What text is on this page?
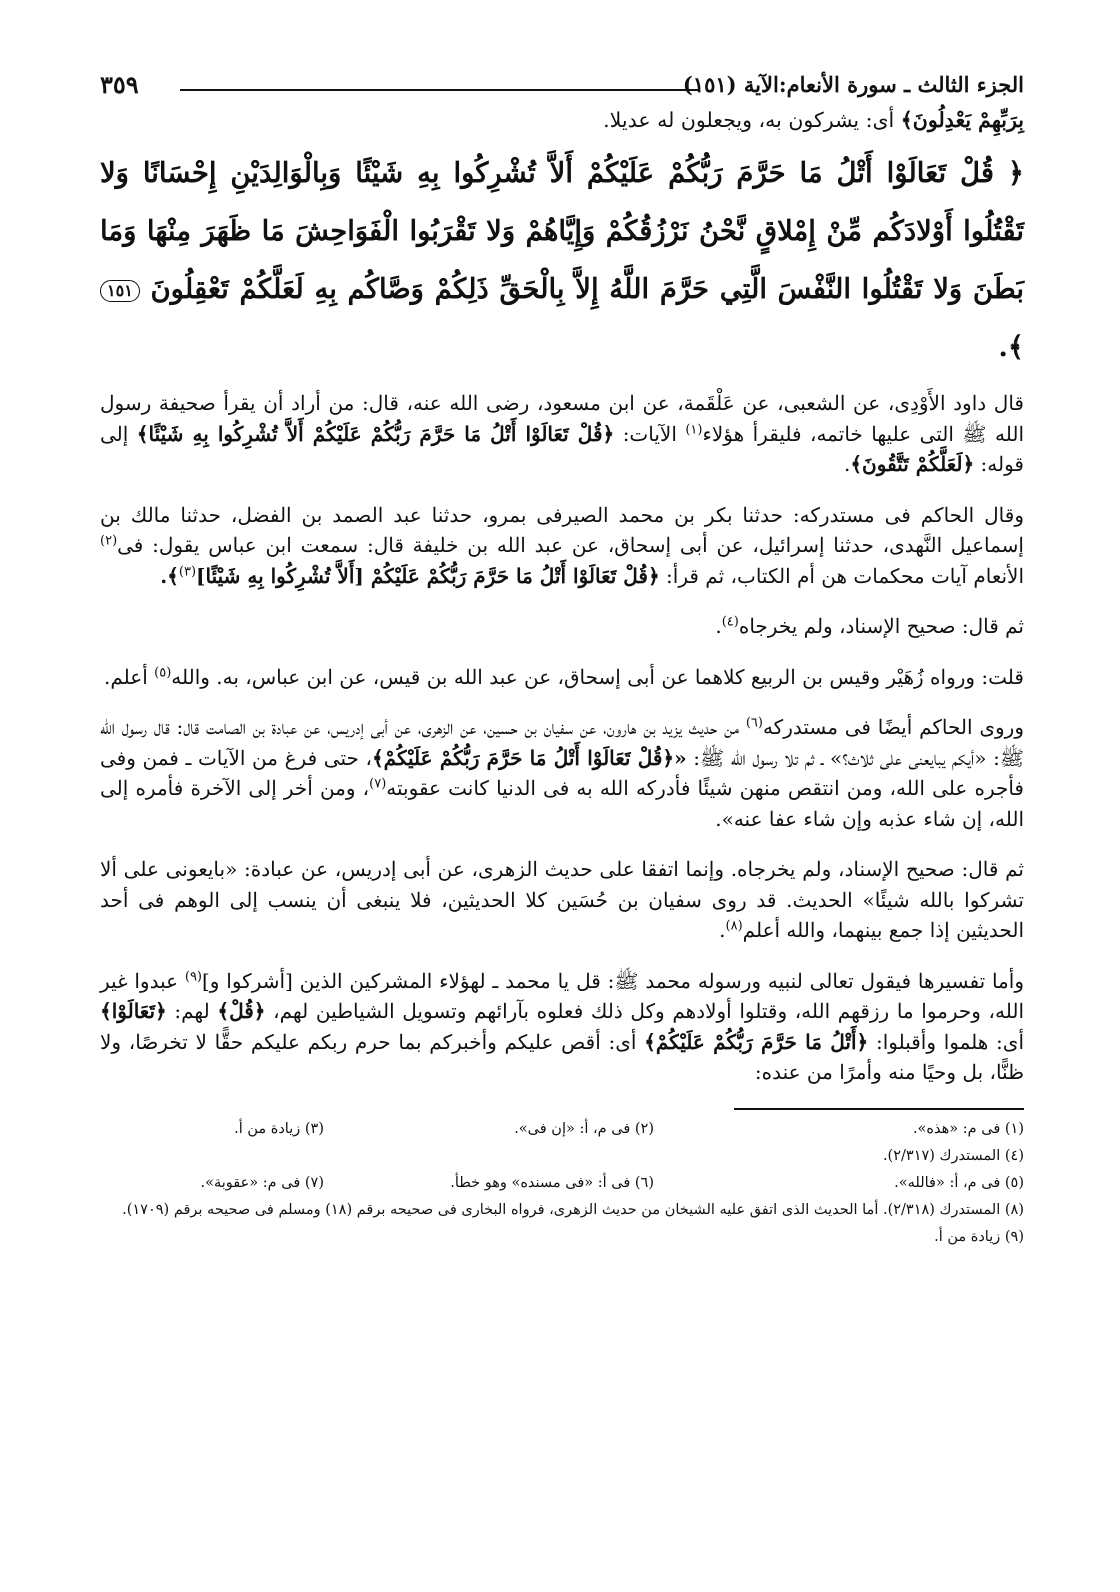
الجزء الثالث ـ سورة الأنعام:الآية (١٥١)
٣٥٩
بِرَبِّهِمْ يَعْدِلُونَ﴾ أى: يشركون به، ويجعلون له عديلا.
﴿ قُلْ تَعَالَوْا أَتْلُ مَا حَرَّمَ رَبُّكُمْ عَلَيْكُمْ أَلاَّ تُشْرِكُوا بِهِ شَيْئًا وَبِالْوَالِدَيْنِ إِحْسَانًا وَلا تَقْتُلُوا أَوْلادَكُم مِّنْ إِمْلاقٍ نَّحْنُ نَرْزُقُكُمْ وَإِيَّاهُمْ وَلا تَقْرَبُوا الْفَوَاحِشَ مَا ظَهَرَ مِنْهَا وَمَا بَطَنَ وَلا تَقْتُلُوا النَّفْسَ الَّتِي حَرَّمَ اللَّهُ إِلاَّ بِالْحَقِّ ذَلِكُمْ وَصَّاكُم بِهِ لَعَلَّكُمْ تَعْقِلُونَ ١٥١ ﴾.

قال داود الأَوْدِى، عن الشعبى، عن عَلْقَمة، عن ابن مسعود، رضى الله عنه، قال: من أراد أن يقرأ صحيفة رسول الله ﷺ التى عليها خاتمه، فليقرأ هؤلاء$^{(١)}$ الآيات: ﴿قُلْ تَعَالَوْا أَتْلُ مَا حَرَّمَ رَبُّكُمْ عَلَيْكُمْ أَلاَّ تُشْرِكُوا بِهِ شَيْئًا﴾ إلى قوله: ﴿لَعَلَّكُمْ تَتَّقُونَ﴾.

وقال الحاكم فى مستدركه: حدثنا بكر بن محمد الصيرفى بمرو، حدثنا عبد الصمد بن الفضل، حدثنا مالك بن إسماعيل النَّهدى، حدثنا إسرائيل، عن أبى إسحاق، عن عبد الله بن خليفة قال: سمعت ابن عباس يقول: فى$^{(٢)}$ الأنعام آيات محكمات هن أم الكتاب، ثم قرأ: ﴿قُلْ تَعَالَوْا أَتْلُ مَا حَرَّمَ رَبُّكُمْ عَلَيْكُمْ [أَلاَّ تُشْرِكُوا بِهِ شَيْئًا]$^{(٣)}$﴾.

ثم قال: صحيح الإسناد، ولم يخرجاه$^{(٤)}$.

قلت: ورواه زُهَيْر وقيس بن الربيع كلاهما عن أبى إسحاق، عن عبد الله بن قيس، عن ابن عباس، به. والله$^{(٥)}$ أعلم.

وروى الحاكم أيضًا فى مستدركه$^{(٦)}$ من حديث يزيد بن هارون، عن سفيان بن حسين، عن الزهرى، عن أبى إدريس، عن عبادة بن الصامت قال: قال رسول الله ﷺ: «أيكم يبايعنى على ثلاث؟» ـ ثم تلا رسول الله ﷺ: «﴿قُلْ تَعَالَوْا أَتْلُ مَا حَرَّمَ رَبُّكُمْ عَلَيْكُمْ﴾، حتى فرغ من الآيات ـ فمن وفى فأجره على الله، ومن انتقص منهن شيئًا فأدركه الله به فى الدنيا كانت عقوبته$^{(٧)}$، ومن أخر إلى الآخرة فأمره إلى الله، إن شاء عذبه وإن شاء عفا عنه».

ثم قال: صحيح الإسناد، ولم يخرجاه. وإنما اتفقا على حديث الزهرى، عن أبى إدريس، عن عبادة: «بايعونى على ألا تشركوا بالله شيئًا» الحديث. قد روى سفيان بن حُسَين كلا الحديثين، فلا ينبغى أن ينسب إلى الوهم فى أحد الحديثين إذا جمع بينهما، والله أعلم$^{(٨)}$.

وأما تفسيرها فيقول تعالى لنبيه ورسوله محمد ﷺ: قل يا محمد ـ لهؤلاء المشركين الذين [أشركوا و]$^{(٩)}$ عبدوا غير الله، وحرموا ما رزقهم الله، وقتلوا أولادهم وكل ذلك فعلوه بآرائهم وتسويل الشياطين لهم، ﴿قُلْ﴾ لهم: ﴿تَعَالَوْا﴾ أى: هلموا وأقبلوا: ﴿أَتْلُ مَا حَرَّمَ رَبُّكُمْ عَلَيْكُمْ﴾ أى: أقص عليكم وأخبركم بما حرم ربكم عليكم حقًّا لا تخرصًا، ولا ظنًّا، بل وحيًا منه وأمرًا من عنده:

(١) فى م: «هذه».
(٢) فى م، أ: «إن فى».
(٣) زيادة من أ.
(٤) المستدرك (٢/٣١٧).
(٥) فى م، أ: «فالله».
(٦) فى أ: «فى مسنده» وهو خطأ.
(٧) فى م: «عقوبة».
(٨) المستدرك (٢/٣١٨). أما الحديث الذى اتفق عليه الشيخان من حديث الزهرى، فرواه البخارى فى صحيحه برقم (١٨) ومسلم فى صحيحه برقم (١٧٠٩).
(٩) زيادة من أ.
